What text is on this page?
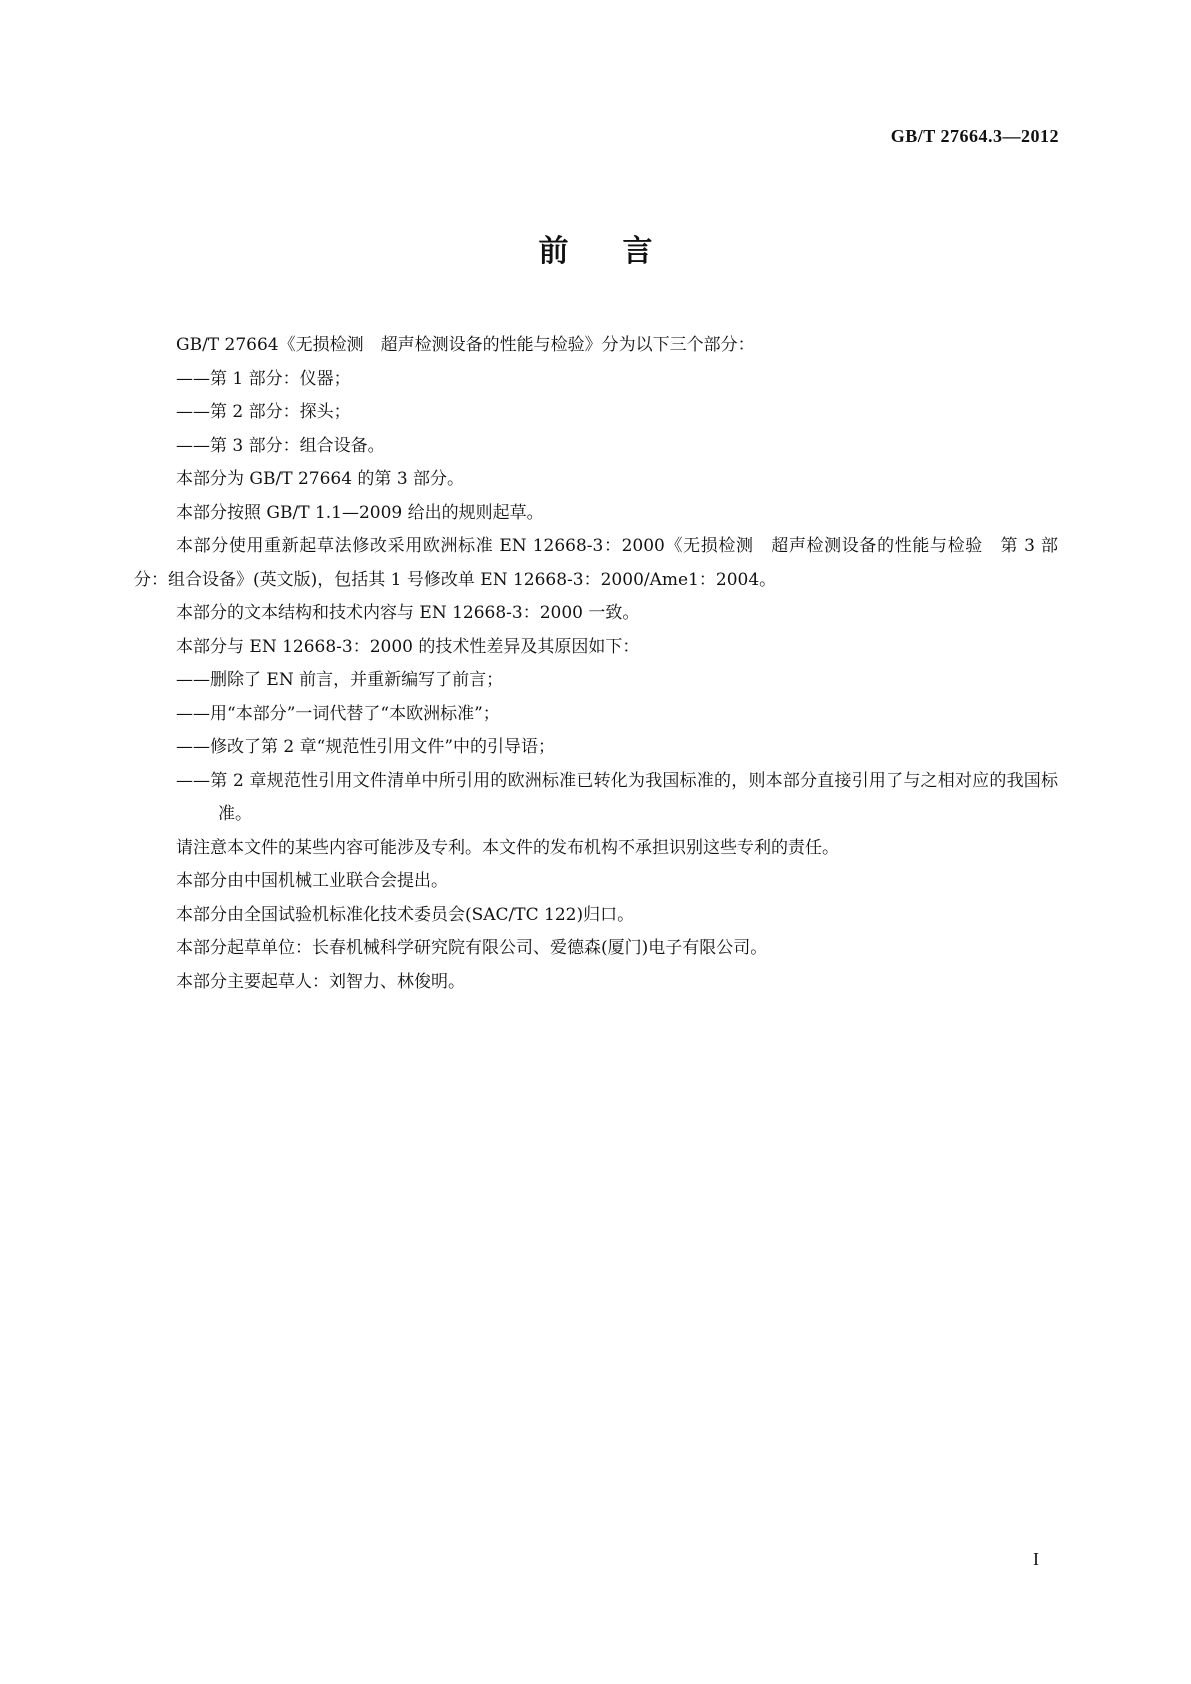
GB/T 27664.3—2012
前言

GB/T 27664《无损检测　超声检测设备的性能与检验》分为以下三个部分：

——第 1 部分：仪器；

——第 2 部分：探头；

——第 3 部分：组合设备。

本部分为 GB/T 27664 的第 3 部分。

本部分按照 GB/T 1.1—2009 给出的规则起草。

本部分使用重新起草法修改采用欧洲标准 EN 12668-3：2000《无损检测　超声检测设备的性能与检验　第 3 部分：组合设备》(英文版)，包括其 1 号修改单 EN 12668-3：2000/Ame1：2004。

本部分的文本结构和技术内容与 EN 12668-3：2000 一致。

本部分与 EN 12668-3：2000 的技术性差异及其原因如下：

——删除了 EN 前言，并重新编写了前言；

——用“本部分”一词代替了“本欧洲标准”；

——修改了第 2 章“规范性引用文件”中的引导语；

——第 2 章规范性引用文件清单中所引用的欧洲标准已转化为我国标准的，则本部分直接引用了与之相对应的我国标准。

请注意本文件的某些内容可能涉及专利。本文件的发布机构不承担识别这些专利的责任。

本部分由中国机械工业联合会提出。

本部分由全国试验机标准化技术委员会(SAC/TC 122)归口。

本部分起草单位：长春机械科学研究院有限公司、爱德森(厦门)电子有限公司。

本部分主要起草人：刘智力、林俊明。

I
